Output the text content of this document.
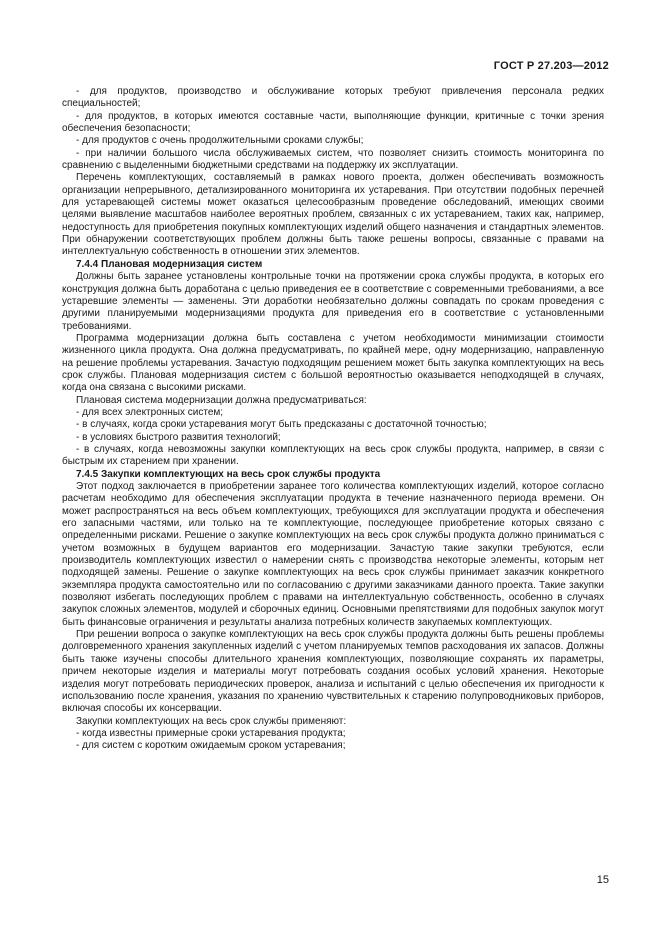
ГОСТ Р 27.203—2012

- для продуктов, производство и обслуживание которых требуют привлечения персонала редких специальностей;

- для продуктов, в которых имеются составные части, выполняющие функции, критичные с точки зрения обеспечения безопасности;

- для продуктов с очень продолжительными сроками службы;

- при наличии большого числа обслуживаемых систем, что позволяет снизить стоимость мониторинга по сравнению с выделенными бюджетными средствами на поддержку их эксплуатации.

Перечень комплектующих, составляемый в рамках нового проекта, должен обеспечивать возможность организации непрерывного, детализированного мониторинга их устаревания. При отсутствии подобных перечней для устаревающей системы может оказаться целесообразным проведение обследований, имеющих своими целями выявление масштабов наиболее вероятных проблем, связанных с их устареванием, таких как, например, недоступность для приобретения покупных комплектующих изделий общего назначения и стандартных элементов. При обнаружении соответствующих проблем должны быть также решены вопросы, связанные с правами на интеллектуальную собственность в отношении этих элементов.

7.4.4 Плановая модернизация систем

Должны быть заранее установлены контрольные точки на протяжении срока службы продукта, в которых его конструкция должна быть доработана с целью приведения ее в соответствие с современными требованиями, а все устаревшие элементы — заменены. Эти доработки необязательно должны совпадать по срокам проведения с другими планируемыми модернизациями продукта для приведения его в соответствие с установленными требованиями.

Программа модернизации должна быть составлена с учетом необходимости минимизации стоимости жизненного цикла продукта. Она должна предусматривать, по крайней мере, одну модернизацию, направленную на решение проблемы устаревания. Зачастую подходящим решением может быть закупка комплектующих на весь срок службы. Плановая модернизация систем с большой вероятностью оказывается неподходящей в случаях, когда она связана с высокими рисками.

Плановая система модернизации должна предусматриваться:

- для всех электронных систем;

- в случаях, когда сроки устаревания могут быть предсказаны с достаточной точностью;

- в условиях быстрого развития технологий;

- в случаях, когда невозможны закупки комплектующих на весь срок службы продукта, например, в связи с быстрым их старением при хранении.

7.4.5 Закупки комплектующих на весь срок службы продукта

Этот подход заключается в приобретении заранее того количества комплектующих изделий, которое согласно расчетам необходимо для обеспечения эксплуатации продукта в течение назначенного периода времени. Он может распространяться на весь объем комплектующих, требующихся для эксплуатации продукта и обеспечения его запасными частями, или только на те комплектующие, последующее приобретение которых связано с определенными рисками. Решение о закупке комплектующих на весь срок службы продукта должно приниматься с учетом возможных в будущем вариантов его модернизации. Зачастую такие закупки требуются, если производитель комплектующих известил о намерении снять с производства некоторые элементы, которым нет подходящей замены. Решение о закупке комплектующих на весь срок службы принимает заказчик конкретного экземпляра продукта самостоятельно или по согласованию с другими заказчиками данного проекта. Такие закупки позволяют избегать последующих проблем с правами на интеллектуальную собственность, особенно в случаях закупок сложных элементов, модулей и сборочных единиц. Основными препятствиями для подобных закупок могут быть финансовые ограничения и результаты анализа потребных количеств закупаемых комплектующих.

При решении вопроса о закупке комплектующих на весь срок службы продукта должны быть решены проблемы долговременного хранения закупленных изделий с учетом планируемых темпов расходования их запасов. Должны быть также изучены способы длительного хранения комплектующих, позволяющие сохранять их параметры, причем некоторые изделия и материалы могут потребовать создания особых условий хранения. Некоторые изделия могут потребовать периодических проверок, анализа и испытаний с целью обеспечения их пригодности к использованию после хранения, указания по хранению чувствительных к старению полупроводниковых приборов, включая способы их консервации.

Закупки комплектующих на весь срок службы применяют:

- когда известны примерные сроки устаревания продукта;

- для систем с коротким ожидаемым сроком устаревания;

15
